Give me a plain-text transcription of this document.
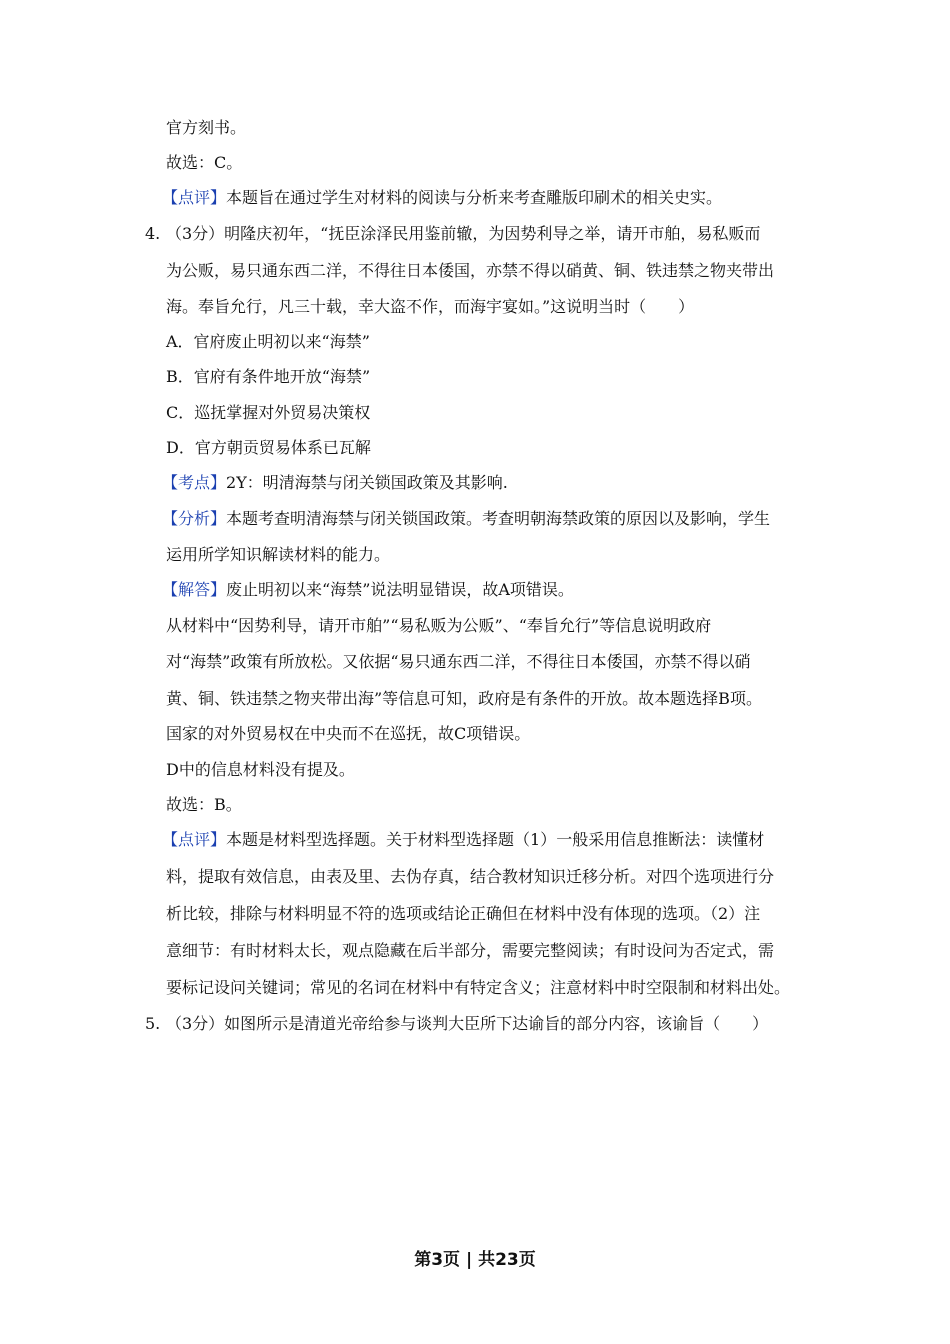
官方刻书。
故选：C。
【点评】本题旨在通过学生对材料的阅读与分析来考查雕版印刷术的相关史实。
4. （3分）明隆庆初年，“抚臣涂泽民用鉴前辙，为因势利导之举，请开市舶，易私贩而
为公贩，易只通东西二洋，不得往日本倭国，亦禁不得以硝黄、铜、铁违禁之物夹带出
海。奉旨允行，凡三十载，幸大盗不作，而海宇宴如。”这说明当时（　　）
A．官府废止明初以来“海禁”
B．官府有条件地开放“海禁”
C．巡抚掌握对外贸易决策权
D．官方朝贡贸易体系已瓦解
【考点】2Y：明清海禁与闭关锁国政策及其影响.
【分析】本题考查明清海禁与闭关锁国政策。考查明朝海禁政策的原因以及影响，学生
运用所学知识解读材料的能力。
【解答】废止明初以来“海禁”说法明显错误，故A项错误。
从材料中“因势利导，请开市舶”“易私贩为公贩”、“奉旨允行”等信息说明政府
对“海禁”政策有所放松。又依据“易只通东西二洋，不得往日本倭国，亦禁不得以硝
黄、铜、铁违禁之物夹带出海”等信息可知，政府是有条件的开放。故本题选择B项。
国家的对外贸易权在中央而不在巡抚，故C项错误。
D中的信息材料没有提及。
故选：B。
【点评】本题是材料型选择题。关于材料型选择题（1）一般采用信息推断法：读懂材
料，提取有效信息，由表及里、去伪存真，结合教材知识迁移分析。对四个选项进行分
析比较，排除与材料明显不符的选项或结论正确但在材料中没有体现的选项。（2）注
意细节：有时材料太长，观点隐藏在后半部分，需要完整阅读；有时设问为否定式，需
要标记设问关键词；常见的名词在材料中有特定含义；注意材料中时空限制和材料出处。
5. （3分）如图所示是清道光帝给参与谈判大臣所下达谕旨的部分内容，该谕旨（　　）
第3页 | 共23页
